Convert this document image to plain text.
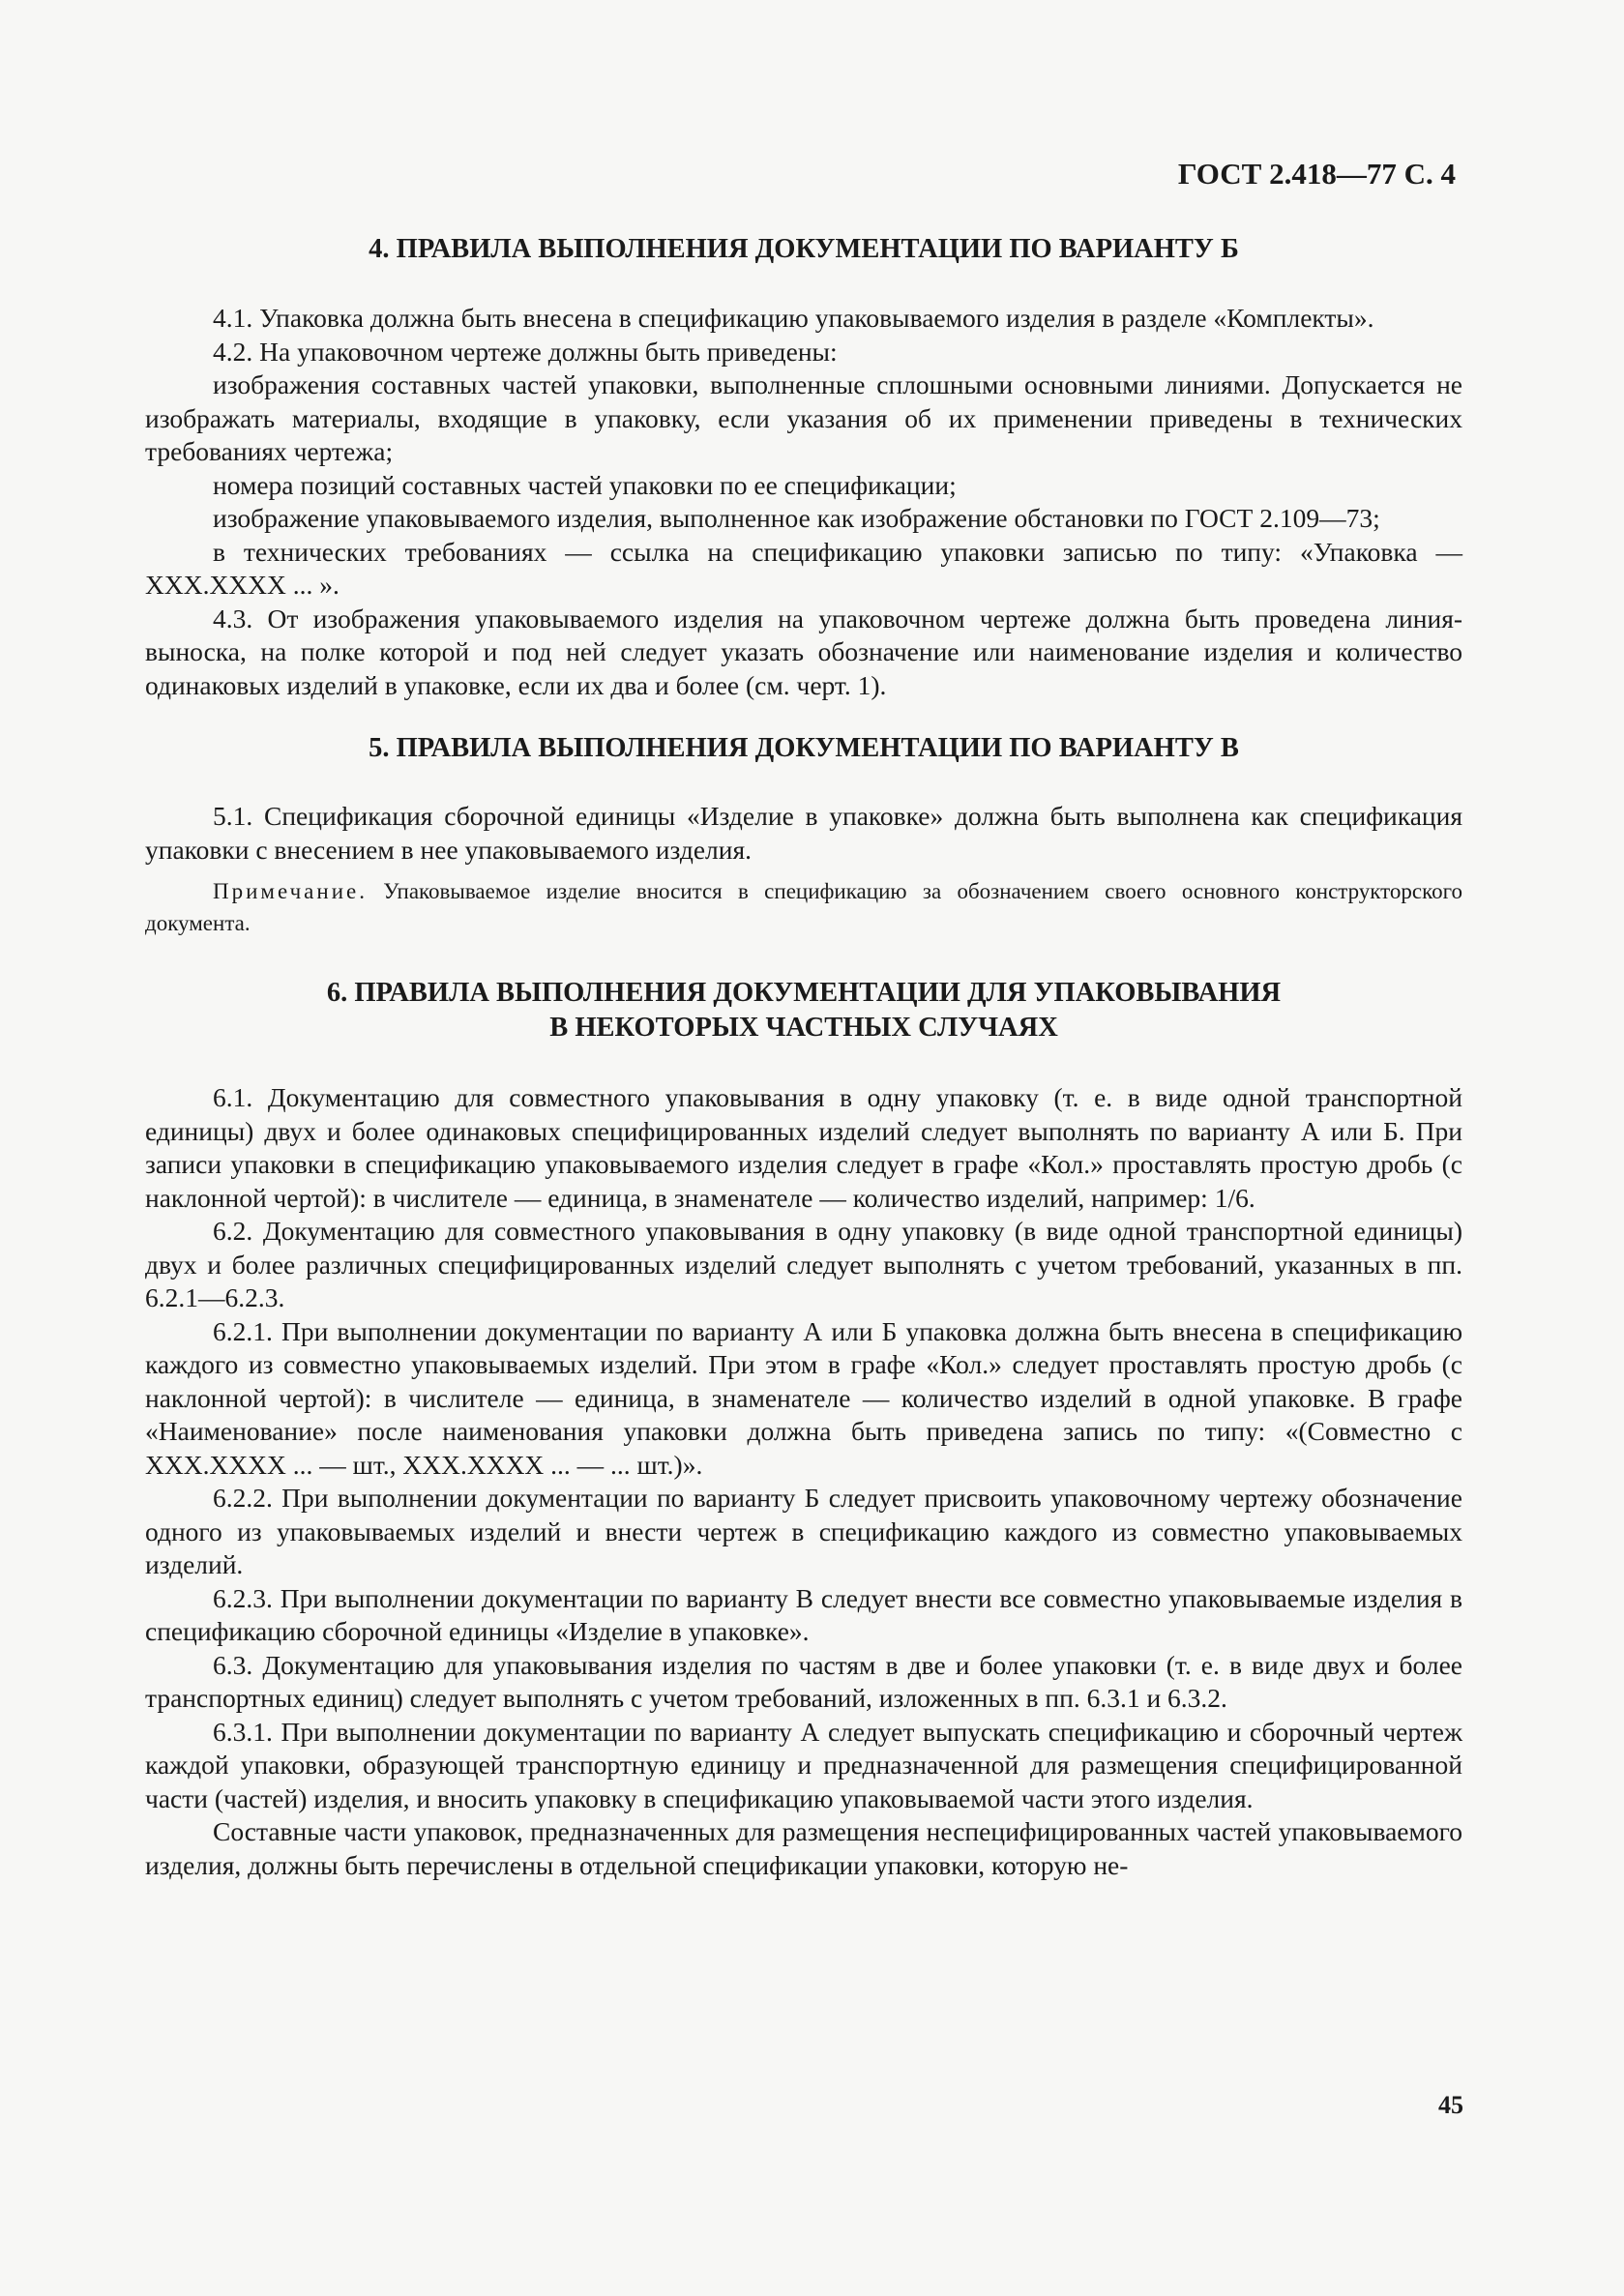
ГОСТ 2.418—77 С. 4
4. ПРАВИЛА ВЫПОЛНЕНИЯ ДОКУМЕНТАЦИИ ПО ВАРИАНТУ Б

4.1. Упаковка должна быть внесена в спецификацию упаковываемого изделия в разделе «Комплекты».

4.2. На упаковочном чертеже должны быть приведены:

изображения составных частей упаковки, выполненные сплошными основными линиями. Допускается не изображать материалы, входящие в упаковку, если указания об их применении приведены в технических требованиях чертежа;

номера позиций составных частей упаковки по ее спецификации;

изображение упаковываемого изделия, выполненное как изображение обстановки по ГОСТ 2.109—73;

в технических требованиях — ссылка на спецификацию упаковки записью по типу: «Упаковка — ХХХ.ХХХХ ... ».

4.3. От изображения упаковываемого изделия на упаковочном чертеже должна быть проведена линия-выноска, на полке которой и под ней следует указать обозначение или наименование изделия и количество одинаковых изделий в упаковке, если их два и более (см. черт. 1).

5. ПРАВИЛА ВЫПОЛНЕНИЯ ДОКУМЕНТАЦИИ ПО ВАРИАНТУ В

5.1. Спецификация сборочной единицы «Изделие в упаковке» должна быть выполнена как спецификация упаковки с внесением в нее упаковываемого изделия.

Примечание. Упаковываемое изделие вносится в спецификацию за обозначением своего основного конструкторского документа.

6. ПРАВИЛА ВЫПОЛНЕНИЯ ДОКУМЕНТАЦИИ ДЛЯ УПАКОВЫВАНИЯ
В НЕКОТОРЫХ ЧАСТНЫХ СЛУЧАЯХ

6.1. Документацию для совместного упаковывания в одну упаковку (т. е. в виде одной транспортной единицы) двух и более одинаковых специфицированных изделий следует выполнять по варианту А или Б. При записи упаковки в спецификацию упаковываемого изделия следует в графе «Кол.» проставлять простую дробь (с наклонной чертой): в числителе — единица, в знаменателе — количество изделий, например: 1/6.

6.2. Документацию для совместного упаковывания в одну упаковку (в виде одной транспортной единицы) двух и более различных специфицированных изделий следует выполнять с учетом требований, указанных в пп. 6.2.1—6.2.3.

6.2.1. При выполнении документации по варианту А или Б упаковка должна быть внесена в спецификацию каждого из совместно упаковываемых изделий. При этом в графе «Кол.» следует проставлять простую дробь (с наклонной чертой): в числителе — единица, в знаменателе — количество изделий в одной упаковке. В графе «Наименование» после наименования упаковки должна быть приведена запись по типу: «(Совместно с ХХХ.ХХХХ ... — шт., ХХХ.ХХХХ ... — ... шт.)».

6.2.2. При выполнении документации по варианту Б следует присвоить упаковочному чертежу обозначение одного из упаковываемых изделий и внести чертеж в спецификацию каждого из совместно упаковываемых изделий.

6.2.3. При выполнении документации по варианту В следует внести все совместно упаковываемые изделия в спецификацию сборочной единицы «Изделие в упаковке».

6.3. Документацию для упаковывания изделия по частям в две и более упаковки (т. е. в виде двух и более транспортных единиц) следует выполнять с учетом требований, изложенных в пп. 6.3.1 и 6.3.2.

6.3.1. При выполнении документации по варианту А следует выпускать спецификацию и сборочный чертеж каждой упаковки, образующей транспортную единицу и предназначенной для размещения специфицированной части (частей) изделия, и вносить упаковку в спецификацию упаковываемой части этого изделия.

Составные части упаковок, предназначенных для размещения неспецифицированных частей упаковываемого изделия, должны быть перечислены в отдельной спецификации упаковки, которую не-

45
